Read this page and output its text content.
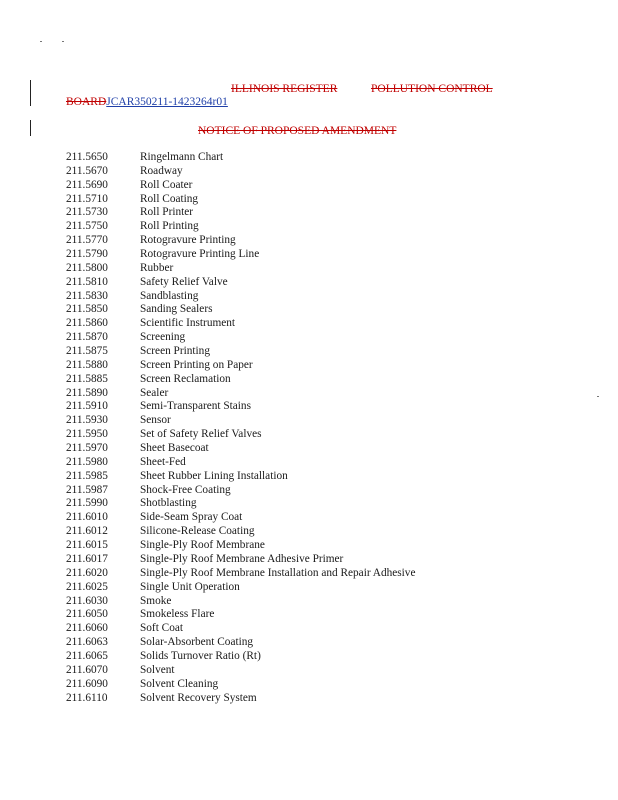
ILLINOIS REGISTER	POLLUTION CONTROL
BOARDJCAR350211-1423264r01
NOTICE OF PROPOSED AMENDMENT
211.5650	Ringelmann Chart
211.5670	Roadway
211.5690	Roll Coater
211.5710	Roll Coating
211.5730	Roll Printer
211.5750	Roll Printing
211.5770	Rotogravure Printing
211.5790	Rotogravure Printing Line
211.5800	Rubber
211.5810	Safety Relief Valve
211.5830	Sandblasting
211.5850	Sanding Sealers
211.5860	Scientific Instrument
211.5870	Screening
211.5875	Screen Printing
211.5880	Screen Printing on Paper
211.5885	Screen Reclamation
211.5890	Sealer
211.5910	Semi-Transparent Stains
211.5930	Sensor
211.5950	Set of Safety Relief Valves
211.5970	Sheet Basecoat
211.5980	Sheet-Fed
211.5985	Sheet Rubber Lining Installation
211.5987	Shock-Free Coating
211.5990	Shotblasting
211.6010	Side-Seam Spray Coat
211.6012	Silicone-Release Coating
211.6015	Single-Ply Roof Membrane
211.6017	Single-Ply Roof Membrane Adhesive Primer
211.6020	Single-Ply Roof Membrane Installation and Repair Adhesive
211.6025	Single Unit Operation
211.6030	Smoke
211.6050	Smokeless Flare
211.6060	Soft Coat
211.6063	Solar-Absorbent Coating
211.6065	Solids Turnover Ratio (Rt)
211.6070	Solvent
211.6090	Solvent Cleaning
211.6110	Solvent Recovery System
